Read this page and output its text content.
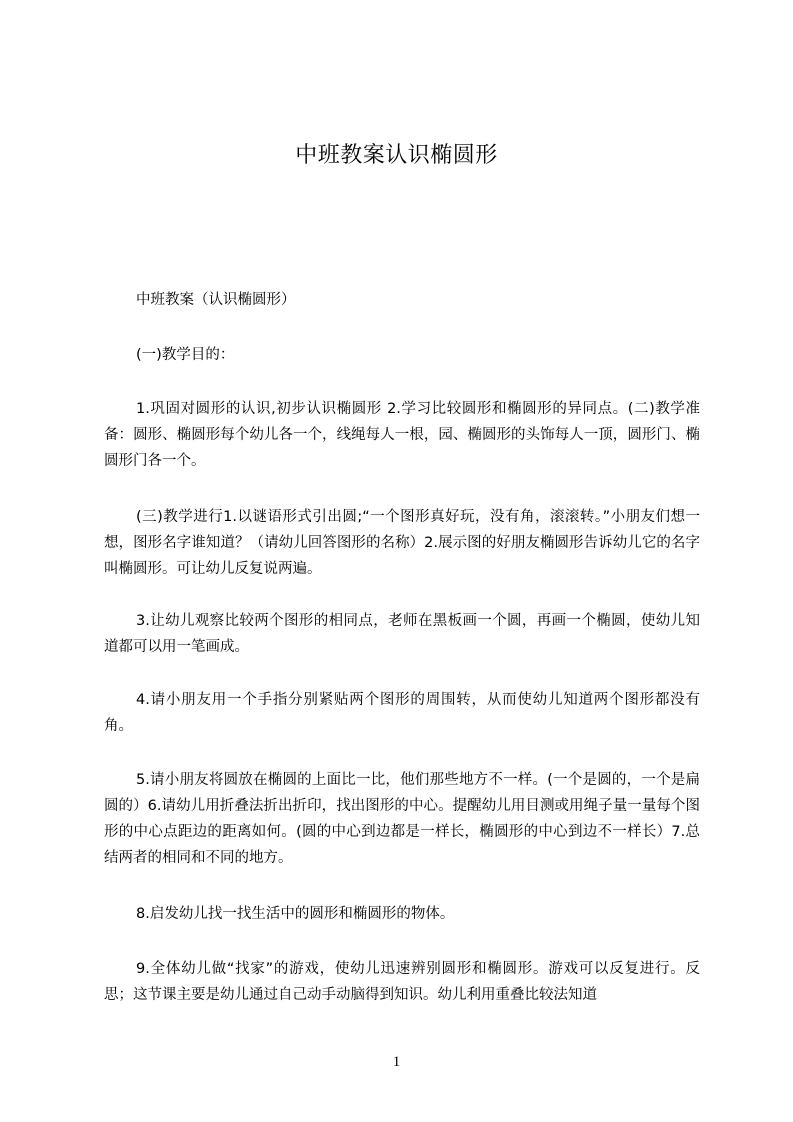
中班教案认识椭圆形

中班教案（认识椭圆形）

(一)教学目的：

1.巩固对圆形的认识,初步认识椭圆形 2.学习比较圆形和椭圆形的异同点。(二)教学准备：圆形、椭圆形每个幼儿各一个，线绳每人一根，园、椭圆形的头饰每人一顶，圆形门、椭圆形门各一个。

(三)教学进行1.以谜语形式引出圆;“一个图形真好玩，没有角，滚滚转。”小朋友们想一想，图形名字谁知道？（请幼儿回答图形的名称）2.展示图的好朋友椭圆形告诉幼儿它的名字叫椭圆形。可让幼儿反复说两遍。

3.让幼儿观察比较两个图形的相同点，老师在黑板画一个圆，再画一个椭圆，使幼儿知道都可以用一笔画成。

4.请小朋友用一个手指分别紧贴两个图形的周围转，从而使幼儿知道两个图形都没有角。

5.请小朋友将圆放在椭圆的上面比一比，他们那些地方不一样。(一个是圆的，一个是扁圆的）6.请幼儿用折叠法折出折印，找出图形的中心。提醒幼儿用目测或用绳子量一量每个图形的中心点距边的距离如何。(圆的中心到边都是一样长，椭圆形的中心到边不一样长）7.总结两者的相同和不同的地方。

8.启发幼儿找一找生活中的圆形和椭圆形的物体。

9.全体幼儿做“找家”的游戏，使幼儿迅速辨别圆形和椭圆形。游戏可以反复进行。反思；这节课主要是幼儿通过自己动手动脑得到知识。幼儿利用重叠比较法知道

1
